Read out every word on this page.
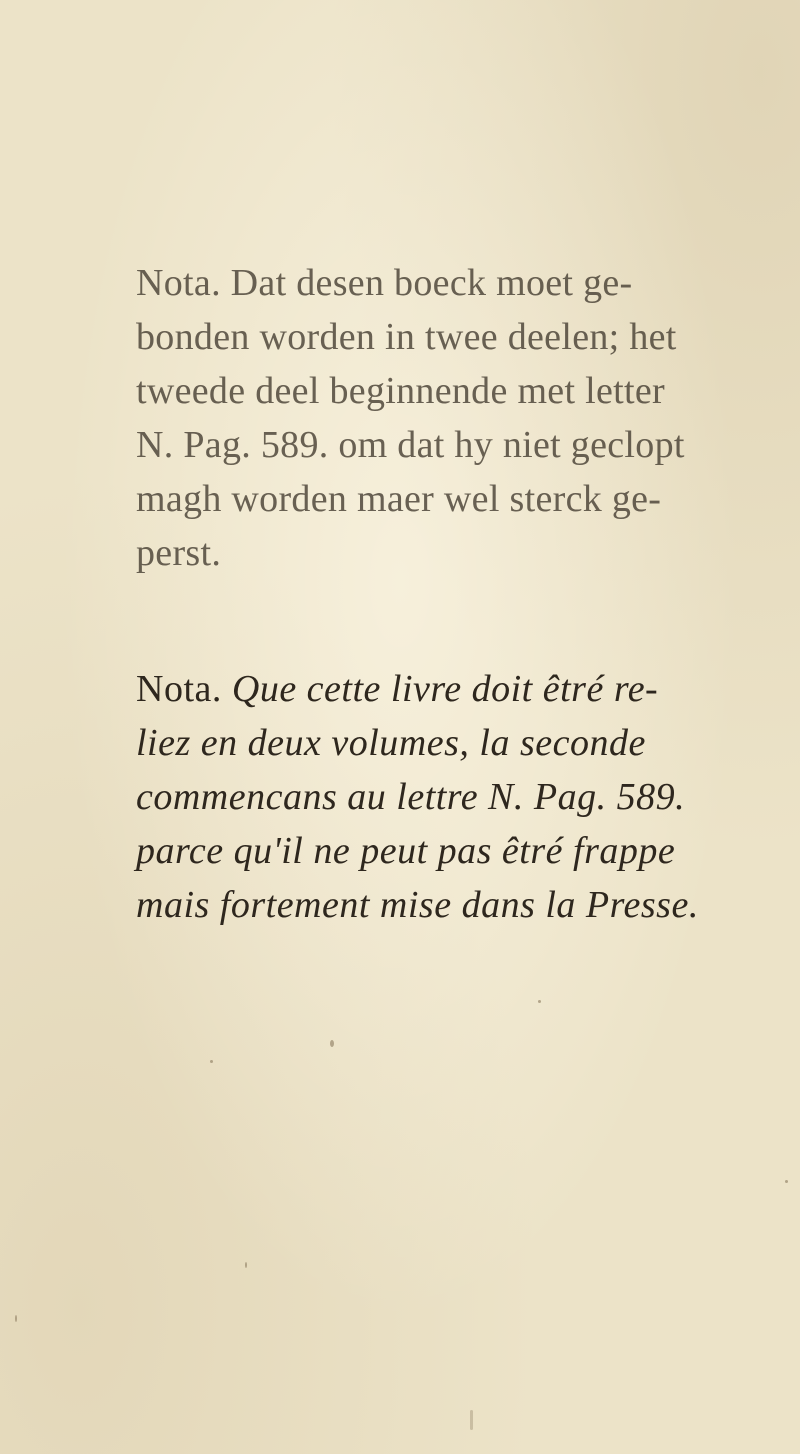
Nota. Dat desen boeck moet ge-
bonden worden in twee deelen; het
tweede deel beginnende met letter
N. Pag. 589. om dat hy niet geclopt
magh worden maer wel sterck ge-
perst.

Nota. Que cette livre doit êtré re-
liez en deux volumes, la seconde
commencans au lettre N. Pag. 589.
parce qu'il ne peut pas êtré frappe
mais fortement mise dans la Presse.
